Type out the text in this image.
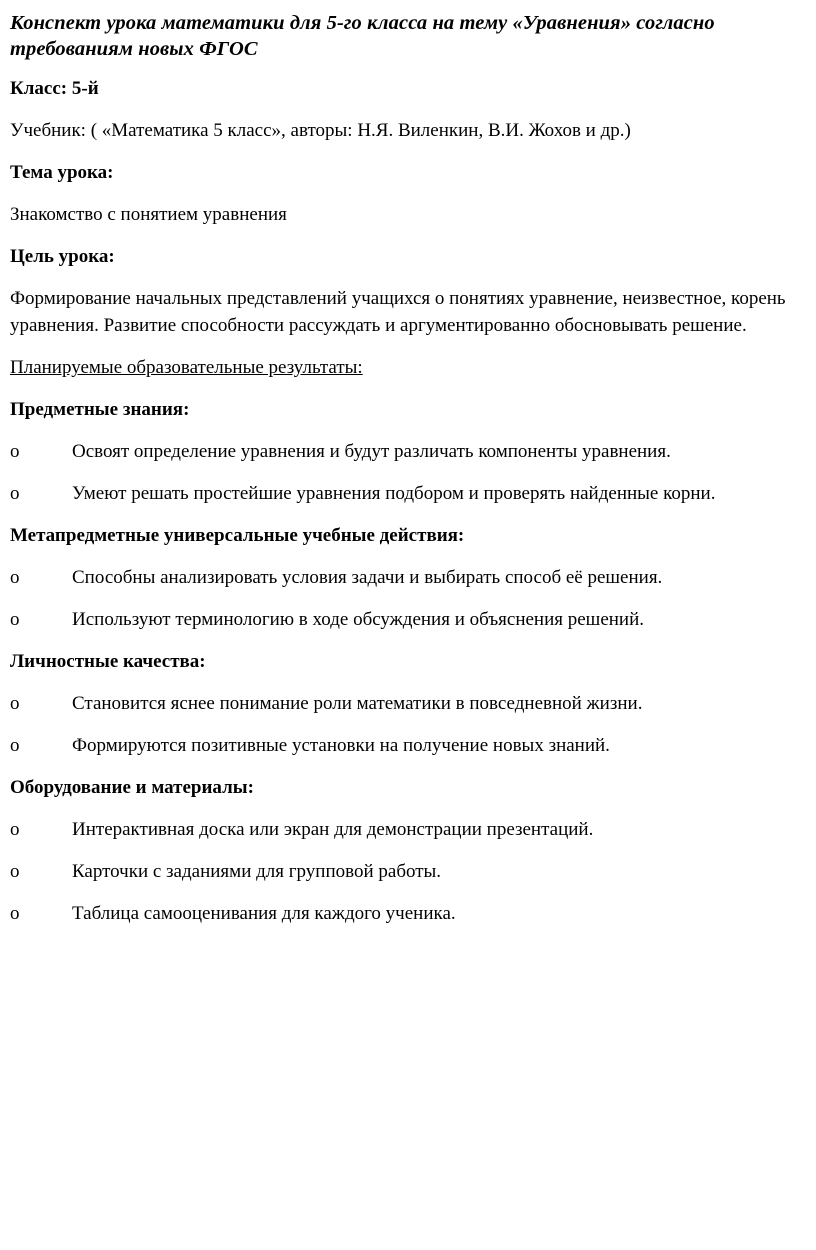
Конспект урока математики для 5-го класса на тему «Уравнения» согласно требованиям новых ФГОС

Класс: 5-й

Учебник: ( «Математика 5 класс», авторы: Н.Я. Виленкин, В.И. Жохов и др.)

Тема урока:

Знакомство с понятием уравнения

Цель урока:

Формирование начальных представлений учащихся о понятиях уравнение, неизвестное, корень уравнения. Развитие способности рассуждать и аргументированно обосновывать решение.

Планируемые образовательные результаты:

Предметные знания:

o	Освоят определение уравнения и будут различать компоненты уравнения.
o	Умеют решать простейшие уравнения подбором и проверять найденные корни.

Метапредметные универсальные учебные действия:

o	Способны анализировать условия задачи и выбирать способ её решения.
o	Используют терминологию в ходе обсуждения и объяснения решений.

Личностные качества:

o	Становится яснее понимание роли математики в повседневной жизни.
o	Формируются позитивные установки на получение новых знаний.

Оборудование и материалы:

o	Интерактивная доска или экран для демонстрации презентаций.
o	Карточки с заданиями для групповой работы.
o	Таблица самооценивания для каждого ученика.
